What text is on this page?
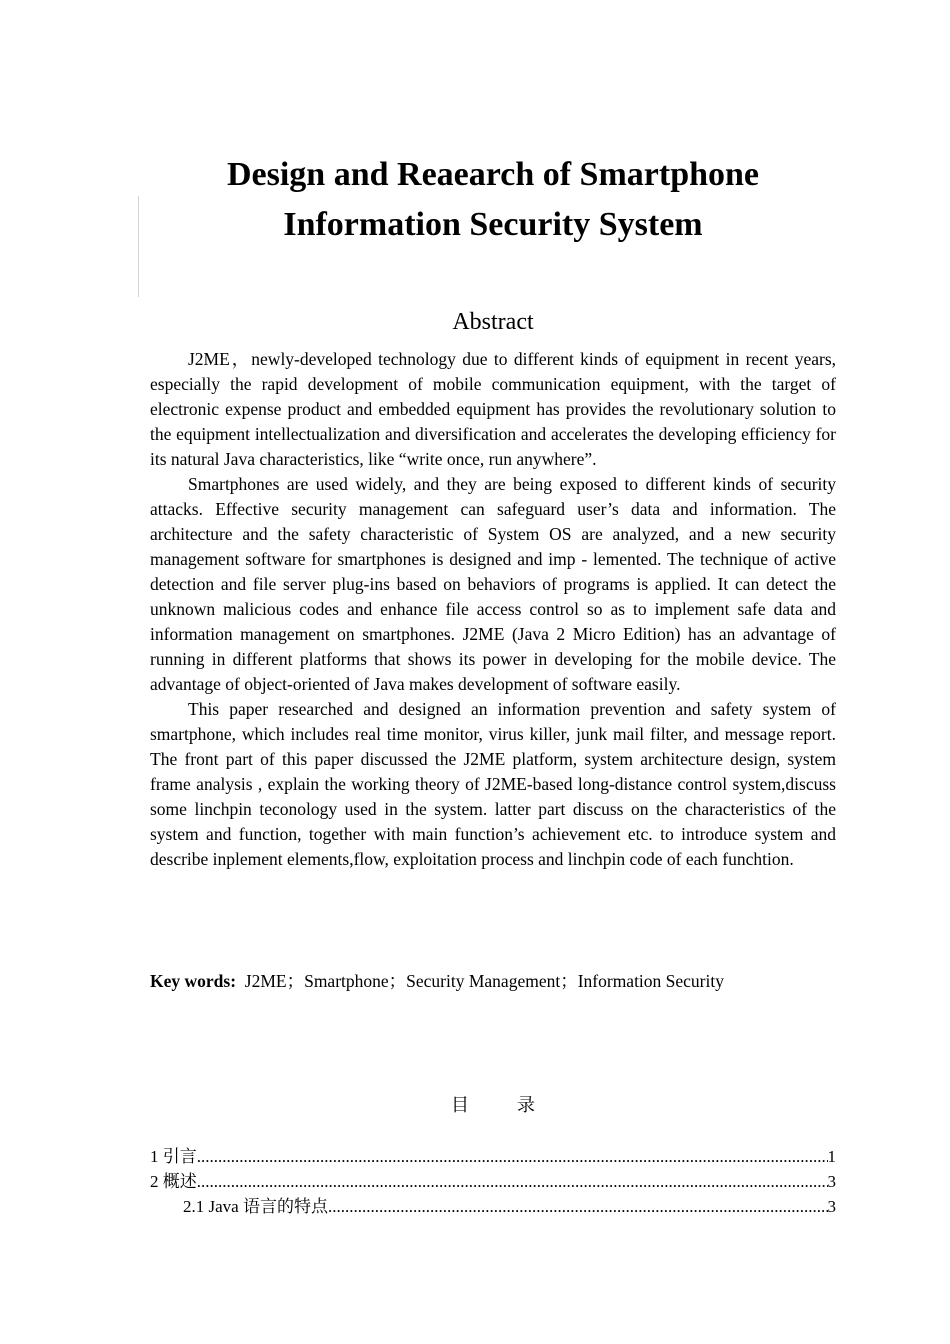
Design and Reaearch of Smartphone
Information Security System
Abstract

J2ME，newly-developed technology due to different kinds of equipment in recent years, especially the rapid development of mobile communication equipment, with the target of electronic expense product and embedded equipment has provides the revolutionary solution to the equipment intellectualization and diversification and accelerates the developing efficiency for its natural Java characteristics, like “write once, run anywhere”.

Smartphones are used widely, and they are being exposed to different kinds of security attacks. Effective security management can safeguard user’s data and information. The architecture and the safety characteristic of System OS are analyzed, and a new security management software for smartphones is designed and imp - lemented. The technique of active detection and file server plug-ins based on behaviors of programs is applied. It can detect the unknown malicious codes and enhance file access control so as to implement safe data and information management on smartphones. J2ME (Java 2 Micro Edition) has an advantage of running in different platforms that shows its power in developing for the mobile device. The advantage of object-oriented of Java makes development of software easily.

This paper researched and designed an information prevention and safety system of smartphone, which includes real time monitor, virus killer, junk mail filter, and message report. The front part of this paper discussed the J2ME platform, system architecture design, system frame analysis , explain the working theory of J2ME-based long-distance control system,discuss some linchpin teconology used in the system. latter part discuss on the characteristics of the system and function, together with main function’s achievement etc. to introduce system and describe inplement elements,flow, exploitation process and linchpin code of each funchtion.

Key words: J2ME；Smartphone；Security Management；Information Security
目录
1 引言 .....	1
2 概述 .....	3
2.1 Java 语言的特点 .....	3
